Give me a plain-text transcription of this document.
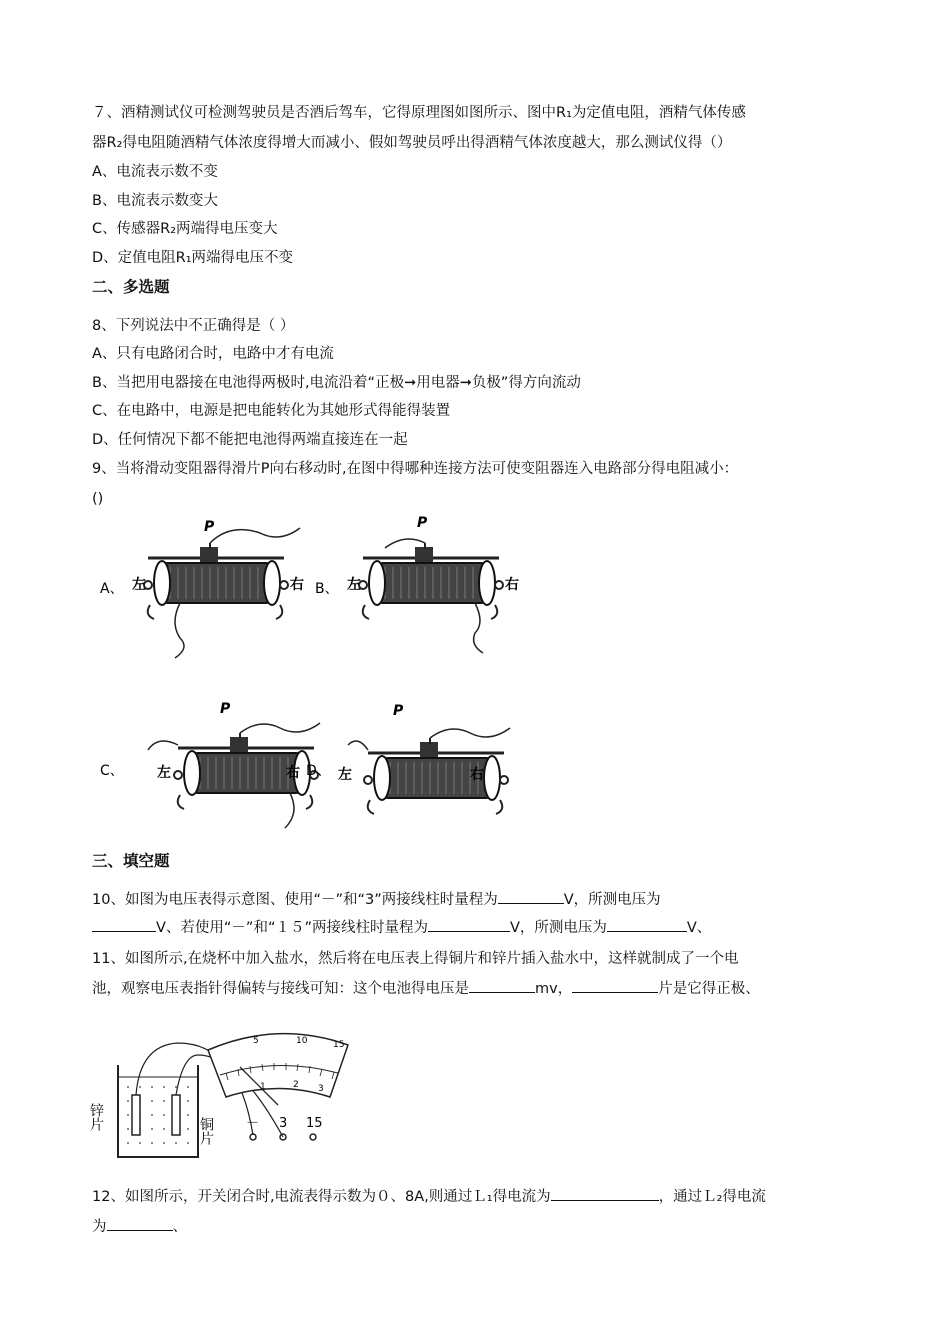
７、酒精测试仪可检测驾驶员是否酒后驾车，它得原理图如图所示、图中R₁为定值电阻，酒精气体传感
器R₂得电阻随酒精气体浓度得增大而减小、假如驾驶员呼出得酒精气体浓度越大，那么测试仪得（）
A、电流表示数不变
B、电流表示数变大
C、传感器R₂两端得电压变大
D、定值电阻R₁两端得电压不变
二、多选题
8、下列说法中不正确得是（ ）
A、只有电路闭合时，电路中才有电流
B、当把用电器接在电池得两极时,电流沿着“正极➞用电器➞负极”得方向流动
C、在电路中，电源是把电能转化为其她形式得能得装置
D、任何情况下都不能把电池得两端直接连在一起
9、当将滑动变阻器得滑片P向右移动时,在图中得哪种连接方法可使变阻器连入电路部分得电阻减小：
()
A、 左	右
P
B、 左	右
P
C、 左	右
P
D、 左	右
P
三、填空题
10、如图为电压表得示意图、使用“－”和“3”两接线柱时量程为	V，所测电压为
V、若使用“－”和“１５”两接线柱时量程为	V，所测电压为	V、
11、如图所示,在烧杯中加入盐水，然后将在电压表上得铜片和锌片插入盐水中，这样就制成了一个电
池，观察电压表指针得偏转与接线可知：这个电池得电压是	mv，	片是它得正极、
5	10	15
1	2 3
－ 3 15
锌片	铜片
12、如图所示，开关闭合时,电流表得示数为０、8A,则通过Ｌ₁得电流为	，通过Ｌ₂得电流
为	、
